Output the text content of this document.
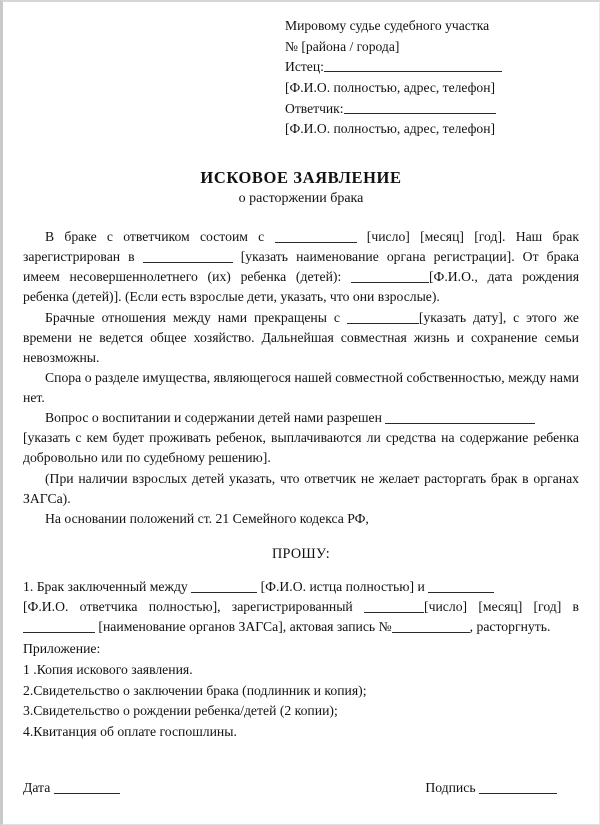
Мировому судье судебного участка
№ [района / города]
Истец:
[Ф.И.О. полностью, адрес, телефон]
Ответчик:
[Ф.И.О. полностью, адрес, телефон]
ИСКОВОЕ ЗАЯВЛЕНИЕ
о расторжении брака

В браке с ответчиком состоим с	[число] [месяц] [год]. Наш брак зарегистрирован в	[указать наименование органа регистрации]. От брака имеем несовершеннолетнего (их) ребенка (детей):	[Ф.И.О., дата рождения ребенка (детей)]. (Если есть взрослые дети, указать, что они взрослые).

Брачные отношения между нами прекращены с	[указать дату], с этого же времени не ведется общее хозяйство. Дальнейшая совместная жизнь и сохранение семьи невозможны.

Спора о разделе имущества, являющегося нашей совместной собственностью, между нами нет.

Вопрос о воспитании и содержании детей нами разрешен
[указать с кем будет проживать ребенок, выплачиваются ли средства на содержание ребенка добровольно или по судебному решению].

(При наличии взрослых детей указать, что ответчик не желает расторгать брак в органах ЗАГСа).

На основании положений ст. 21 Семейного кодекса РФ,

ПРОШУ:

1. Брак заключенный между	[Ф.И.О. истца полностью] и
[Ф.И.О. ответчика полностью], зарегистрированный	[число] [месяц] [год] в  [наименование органов ЗАГСа], актовая запись №	, расторгнуть.

Приложение:
1 .Копия искового заявления.
2.Свидетельство о заключении брака (подлинник и копия);
3.Свидетельство о рождении ребенка/детей (2 копии);
4.Квитанция об оплате госпошлины.
Дата	Подпись
